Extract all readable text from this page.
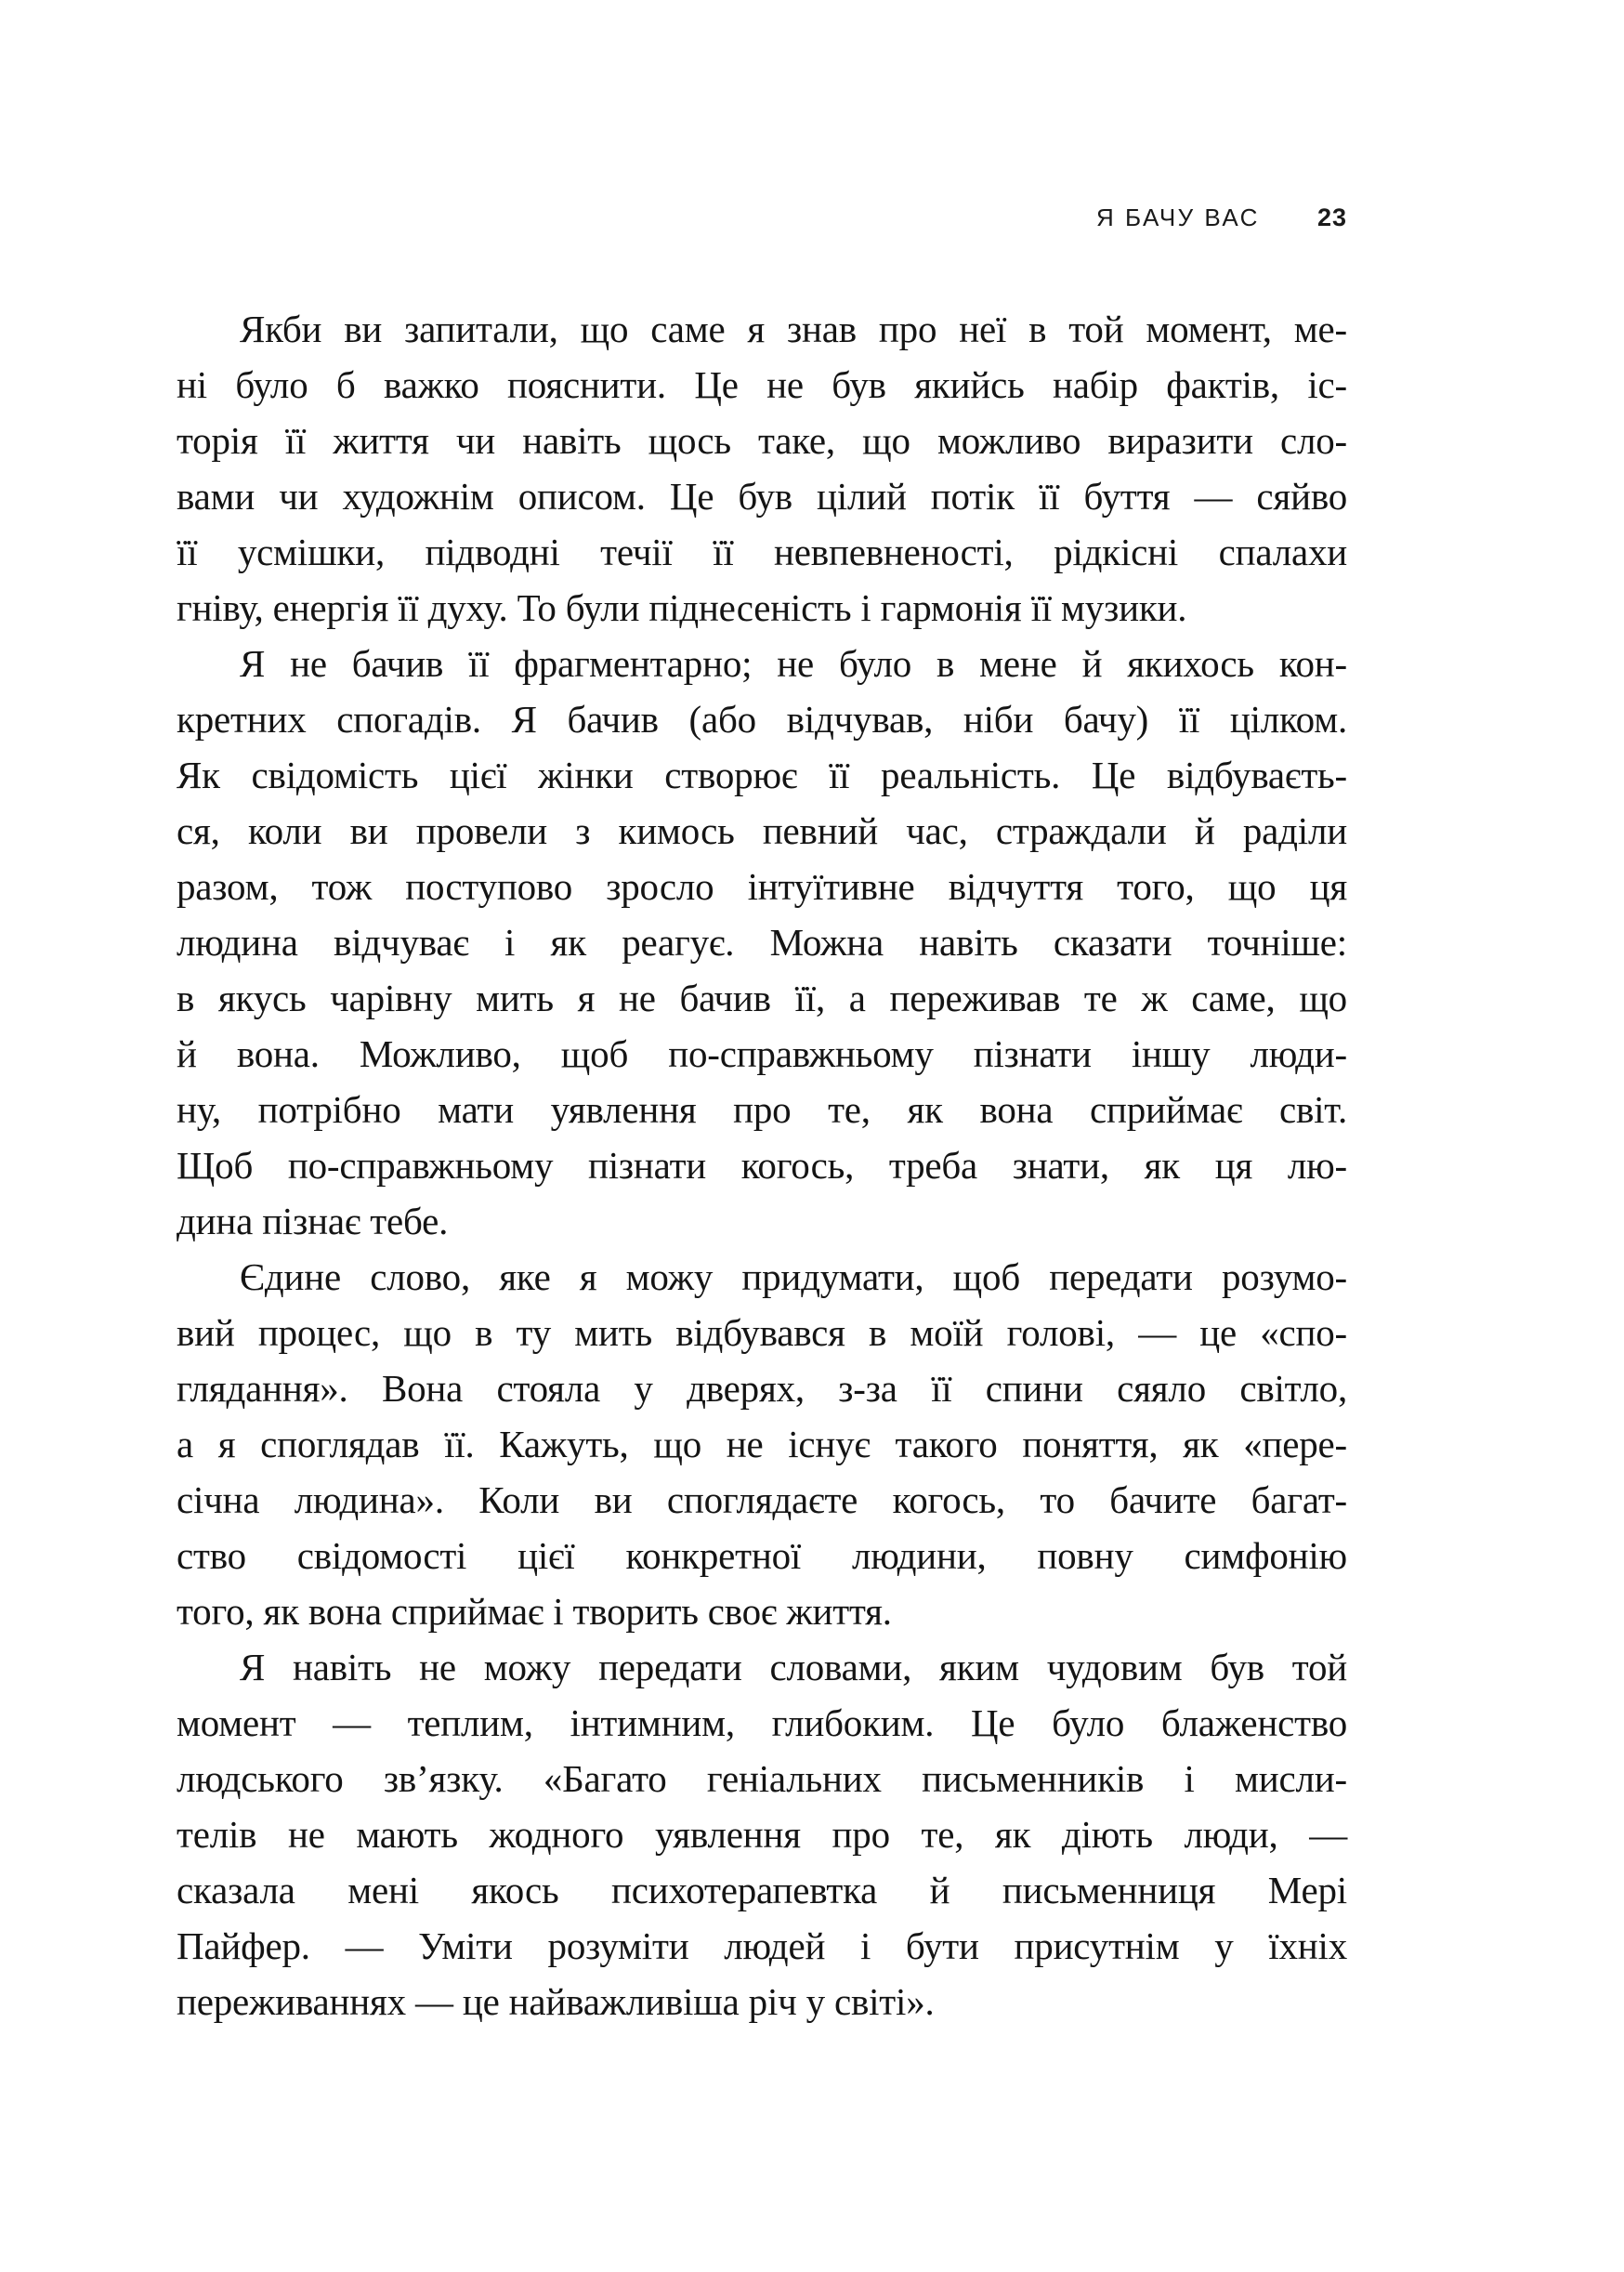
Я БАЧУ ВАС 23
Якби ви запитали, що саме я знав про неї в той момент, ме-
ні було б важко пояснити. Це не був якийсь набір фактів, іс-
торія її життя чи навіть щось таке, що можливо виразити сло-
вами чи художнім описом. Це був цілий потік її буття — сяйво
її усмішки, підводні течії її невпевненості, рідкісні спалахи
гніву, енергія її духу. То були піднесеність і гармонія її музики.
Я не бачив її фрагментарно; не було в мене й якихось кон-
кретних спогадів. Я бачив (або відчував, ніби бачу) її цілком.
Як свідомість цієї жінки створює її реальність. Це відбуваєть-
ся, коли ви провели з кимось певний час, страждали й раділи
разом, тож поступово зросло інтуїтивне відчуття того, що ця
людина відчуває і як реагує. Можна навіть сказати точніше:
в якусь чарівну мить я не бачив її, а переживав те ж саме, що
й вона. Можливо, щоб по-справжньому пізнати іншу люди-
ну, потрібно мати уявлення про те, як вона сприймає світ.
Щоб по-справжньому пізнати когось, треба знати, як ця лю-
дина пізнає тебе.
Єдине слово, яке я можу придумати, щоб передати розумо-
вий процес, що в ту мить відбувався в моїй голові, — це «спо-
глядання». Вона стояла у дверях, з-за її спини сяяло світло,
а я споглядав її. Кажуть, що не існує такого поняття, як «пере-
січна людина». Коли ви споглядаєте когось, то бачите багат-
ство свідомості цієї конкретної людини, повну симфонію
того, як вона сприймає і творить своє життя.
Я навіть не можу передати словами, яким чудовим був той
момент — теплим, інтимним, глибоким. Це було блаженство
людського зв’язку. «Багато геніальних письменників і мисли-
телів не мають жодного уявлення про те, як діють люди, —
сказала мені якось психотерапевтка й письменниця Мері
Пайфер. — Уміти розуміти людей і бути присутнім у їхніх
переживаннях — це найважливіша річ у світі».
